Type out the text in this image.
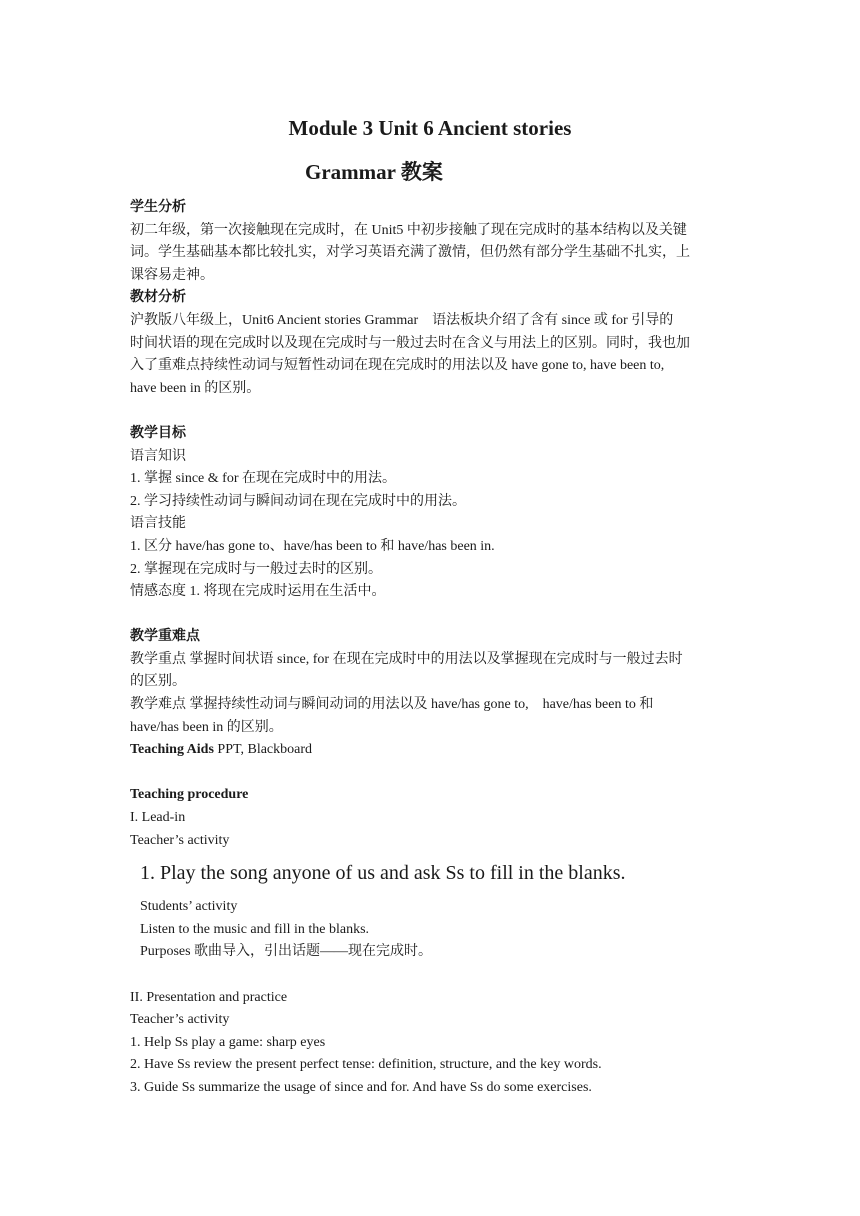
Module 3 Unit 6 Ancient stories
Grammar 教案

学生分析

初二年级，第一次接触现在完成时，在 Unit5 中初步接触了现在完成时的基本结构以及关键

词。学生基础基本都比较扎实，对学习英语充满了激情，但仍然有部分学生基础不扎实，上

课容易走神。

教材分析

沪教版八年级上，Unit6 Ancient stories Grammar　语法板块介绍了含有 since 或 for 引导的

时间状语的现在完成时以及现在完成时与一般过去时在含义与用法上的区别。同时，我也加

入了重难点持续性动词与短暂性动词在现在完成时的用法以及 have gone to, have been to,

have been in 的区别。

教学目标

语言知识

1. 掌握 since & for 在现在完成时中的用法。

2. 学习持续性动词与瞬间动词在现在完成时中的用法。

语言技能

1. 区分 have/has gone to、have/has been to 和 have/has been in.

2. 掌握现在完成时与一般过去时的区别。

情感态度 1. 将现在完成时运用在生活中。

教学重难点

教学重点 掌握时间状语 since, for 在现在完成时中的用法以及掌握现在完成时与一般过去时

的区别。

教学难点 掌握持续性动词与瞬间动词的用法以及 have/has gone to,　have/has been to 和

have/has been in 的区别。

Teaching Aids PPT, Blackboard

Teaching procedure

I. Lead-in

Teacher’s activity

1. Play the song anyone of us and ask Ss to fill in the blanks.

Students’ activity

Listen to the music and fill in the blanks.

Purposes 歌曲导入，引出话题——现在完成时。

II. Presentation and practice

Teacher’s activity

1. Help Ss play a game: sharp eyes

2. Have Ss review the present perfect tense: definition, structure, and the key words.

3. Guide Ss summarize the usage of since and for. And have Ss do some exercises.
